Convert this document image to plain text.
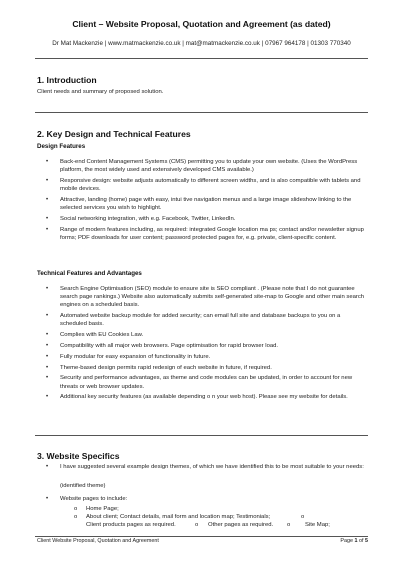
Client – Website Proposal, Quotation and Agreement (as dated)
Dr Mat Mackenzie | www.matmackenzie.co.uk | mat@matmackenzie.co.uk | 07967 964178 | 01303 770340
1. Introduction
Client needs and summary of proposed solution.
2. Key Design and Technical Features
Design Features
• Back-end Content Management Systems (CMS) permitting you to update your own website. (Uses the WordPress platform, the most widely used and extensively developed CMS available.)
• Responsive design: website adjusts automatically to different screen widths, and is also compatible with tablets and mobile devices.
• Attractive, landing (home) page with easy, intui tive navigation menus and a large image slideshow linking to the selected services you wish to highlight.
• Social networking integration, with e.g. Facebook, Twitter, LinkedIn.
• Range of modern features including, as required: integrated Google location ma ps; contact and/or newsletter signup forms; PDF downloads for user content; password protected pages for, e.g. private, client-specific content.
Technical Features and Advantages
• Search Engine Optimisation (SEO) module to ensure site is SEO compliant . (Please note that I do not guarantee search page rankings.) Website also automatically submits self-generated site-map to Google and other main search engines on a scheduled basis.
• Automated website backup module for added security; can email full site and database backups to you on a scheduled basis.
• Complies with EU Cookies Law.
• Compatibility with all major web browsers. Page optimisation for rapid browser load.
• Fully modular for easy expansion of functionality in future.
• Theme-based design permits rapid redesign of each website in future, if required.
• Security and performance advantages, as theme and code modules can be updated, in order to account for new threats or web browser updates.
• Additional key security features (as available depending o n your web host). Please see my website for details.
3. Website Specifics
• I have suggested several example design themes, of which we have identified this to be most suitable to your needs:
(identified theme)
• Website pages to include:
o Home Page;
o About client; Contact details, mail form and location map; Testimonials;	o
Client products pages as required.	o Other pages as required. o Site Map;
Client Website Proposal, Quotation and Agreement	Page 1 of 5
